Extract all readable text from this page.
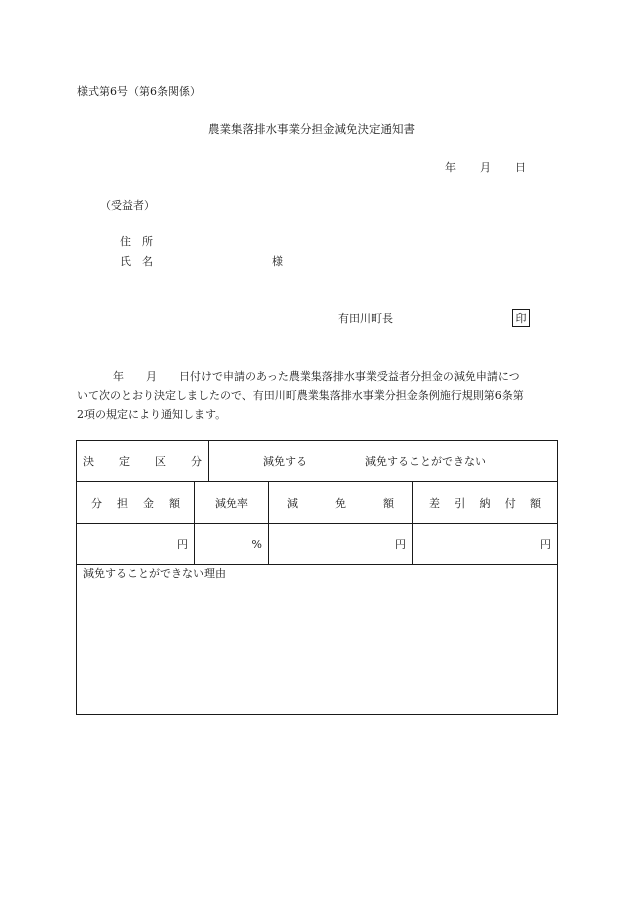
様式第6号（第6条関係）
農業集落排水事業分担金減免決定通知書
年 月 日
（受益者）
住　所
氏　名	様
有田川町長	印

年 月 日付けで申請のあった農業集落排水事業受益者分担金の減免申請につ

いて次のとおり決定しましたので、有田川町農業集落排水事業分担金条例施行規則第6条第

2項の規定により通知します。

決 定 区 分		減免する 減免することができない		

分 担 金 額	減免率		減 免 額	差 引 納 付 額

円	%		円	円
減免することができない理由				
